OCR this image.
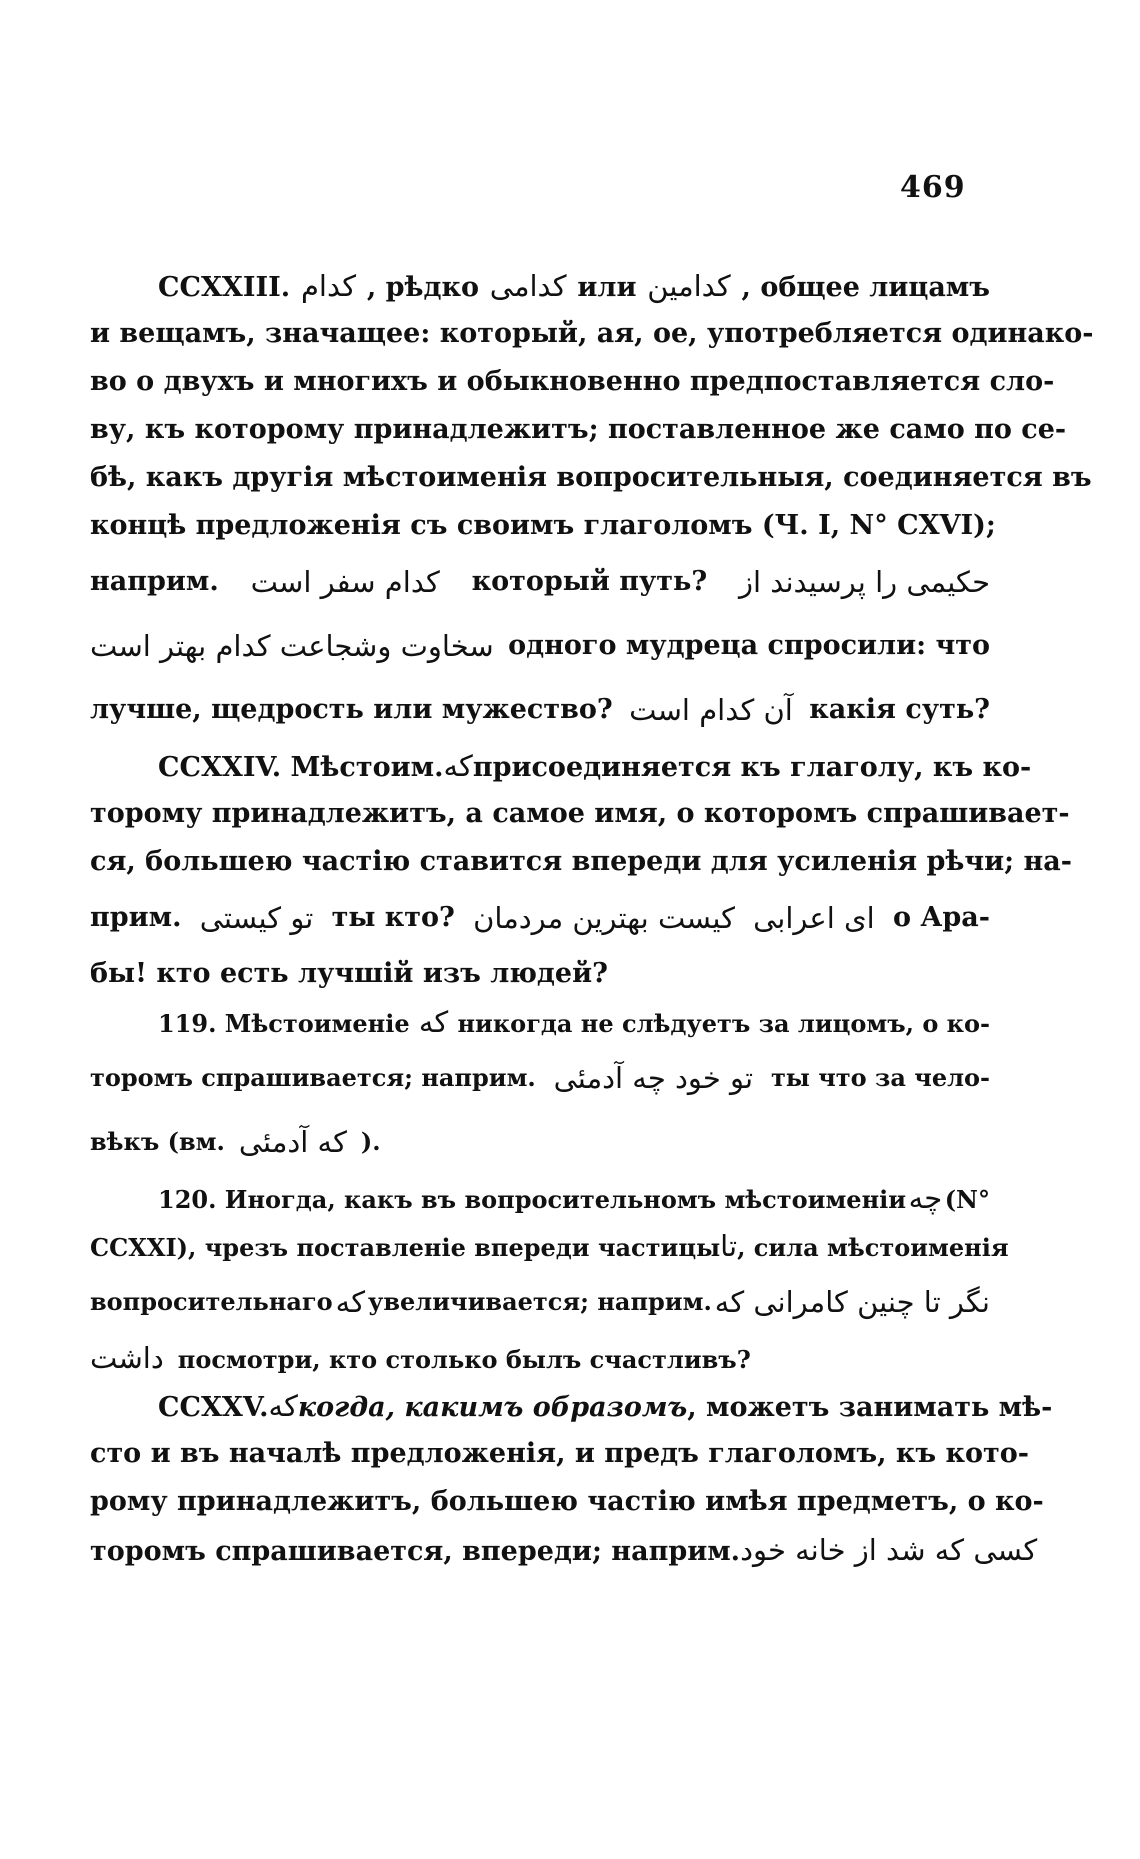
469
CCXXIII. کدام , рѣдко کدامی или کدامین , общее лицамъ
и вещамъ, значащее: который, ая, ое, употребляется одинако-
во о двухъ и многихъ и обыкновенно предпоставляется сло-
ву, къ которому принадлежитъ; поставленное же само по се-
бѣ, какъ другія мѣстоименія вопросительныя, соединяется въ
концѣ предложенія съ своимъ глаголомъ (Ч. I, N° CXVI);
наприм. کدام سفر است который путь? حکیمی را پرسیدند از
سخاوت وشجاعت کدام بهتر است одного мудреца спросили: что
лучше, щедрость или мужество? آن کدام است какія суть?
CCXXIV. Мѣстоим. که присоединяется къ глаголу, къ ко-
торому принадлежитъ, а самое имя, о которомъ спрашивает-
ся, большею частію ставится впереди для усиленія рѣчи; на-
прим. تو کیستی ты кто? کیست بهترین مردمان ای اعرابی о Ара-
бы! кто есть лучшій изъ людей?
119. Мѣстоименіе که никогда не слѣдуетъ за лицомъ, о ко-
торомъ спрашивается; наприм. تو خود چه آدمئی ты что за чело-
вѣкъ (вм. که آدمئی ).
120. Иногда, какъ въ вопросительномъ мѣстоименіи چه (N°
CCXXI), чрезъ поставленіе впереди частицы تا , сила мѣстоименія
вопросительнаго که увеличивается; наприм. نگر تا چنین کامرانی که
داشت посмотри, кто столько былъ счастливъ?
CCXXV. که когда, какимъ образомъ , можетъ занимать мѣ-
сто и въ началѣ предложенія, и предъ глаголомъ, къ кото-
рому принадлежитъ, большею частію имѣя предметъ, о ко-
торомъ спрашивается, впереди; наприм. کسی که شد از خانه خود
